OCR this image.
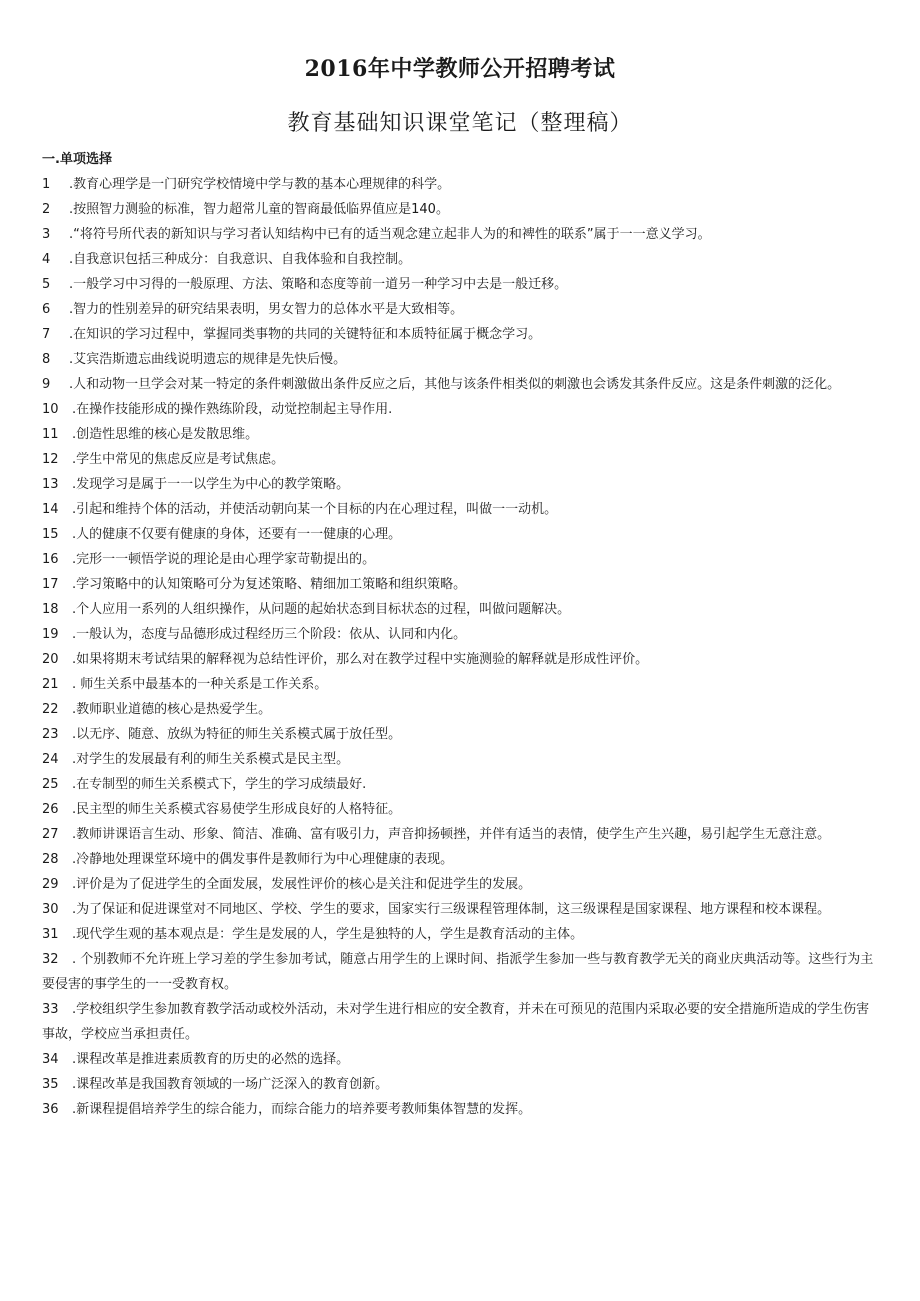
2016年中学教师公开招聘考试
教育基础知识课堂笔记（整理稿）
一.单项选择

1 .教育心理学是一门研究学校情境中学与教的基本心理规律的科学。

2 .按照智力测验的标准，智力超常儿童的智商最低临界值应是140。

3 .“将符号所代表的新知识与学习者认知结构中已有的适当观念建立起非人为的和裨性的联系”属于一一意义学习。

4 .自我意识包括三种成分：自我意识、自我体验和自我控制。

5 .一般学习中习得的一般原理、方法、策略和态度等前一道另一种学习中去是一般迁移。

6 .智力的性别差异的研究结果表明，男女智力的总体水平是大致相等。

7 .在知识的学习过程中，掌握同类事物的共同的关键特征和本质特征属于概念学习。

8 .艾宾浩斯遗忘曲线说明遗忘的规律是先快后慢。

9 .人和动物一旦学会对某一特定的条件刺激做出条件反应之后，其他与该条件相类似的刺激也会诱发其条件反应。这是条件刺激的泛化。

10 .在操作技能形成的操作熟练阶段，动觉控制起主导作用.

11 .创造性思维的核心是发散思维。

12 .学生中常见的焦虑反应是考试焦虑。

13 .发现学习是属于一一以学生为中心的教学策略。

14 .引起和维持个体的活动，并使活动朝向某一个目标的内在心理过程，叫做一一动机。

15 .人的健康不仅要有健康的身体，还要有一一健康的心理。

16 .完形一一顿悟学说的理论是由心理学家苛勒提出的。

17 .学习策略中的认知策略可分为复述策略、精细加工策略和组织策略。

18 .个人应用一系列的人组织操作，从问题的起始状态到目标状态的过程，叫做问题解决。

19 .一般认为，态度与品德形成过程经历三个阶段：依从、认同和内化。

20 .如果将期末考试结果的解释视为总结性评价，那么对在教学过程中实施测验的解释就是形成性评价。

21 . 师生关系中最基本的一种关系是工作关系。

22 .教师职业道德的核心是热爱学生。

23 .以无序、随意、放纵为特征的师生关系模式属于放任型。

24 .对学生的发展最有利的师生关系模式是民主型。

25 .在专制型的师生关系模式下，学生的学习成绩最好.

26 .民主型的师生关系模式容易使学生形成良好的人格特征。

27 .教师讲课语言生动、形象、简洁、准确、富有吸引力，声音抑扬顿挫，并伴有适当的表情，使学生产生兴趣，易引起学生无意注意。

28 .冷静地处理课堂环境中的偶发事件是教师行为中心理健康的表现。

29 .评价是为了促进学生的全面发展，发展性评价的核心是关注和促进学生的发展。

30 .为了保证和促进课堂对不同地区、学校、学生的要求，国家实行三级课程管理体制，这三级课程是国家课程、地方课程和校本课程。

31 .现代学生观的基本观点是：学生是发展的人，学生是独特的人，学生是教育活动的主体。

32 . 个别教师不允许班上学习差的学生参加考试，随意占用学生的上课时间、指派学生参加一些与教育教学无关的商业庆典活动等。这些行为主要侵害的事学生的一一受教育权。

33 .学校组织学生参加教育教学活动或校外活动，未对学生进行相应的安全教育，并未在可预见的范围内采取必要的安全措施所造成的学生伤害事故，学校应当承担责任。

34 .课程改革是推进素质教育的历史的必然的选择。

35 .课程改革是我国教育领域的一场广泛深入的教育创新。

36 .新课程提倡培养学生的综合能力，而综合能力的培养要考教师集体智慧的发挥。
